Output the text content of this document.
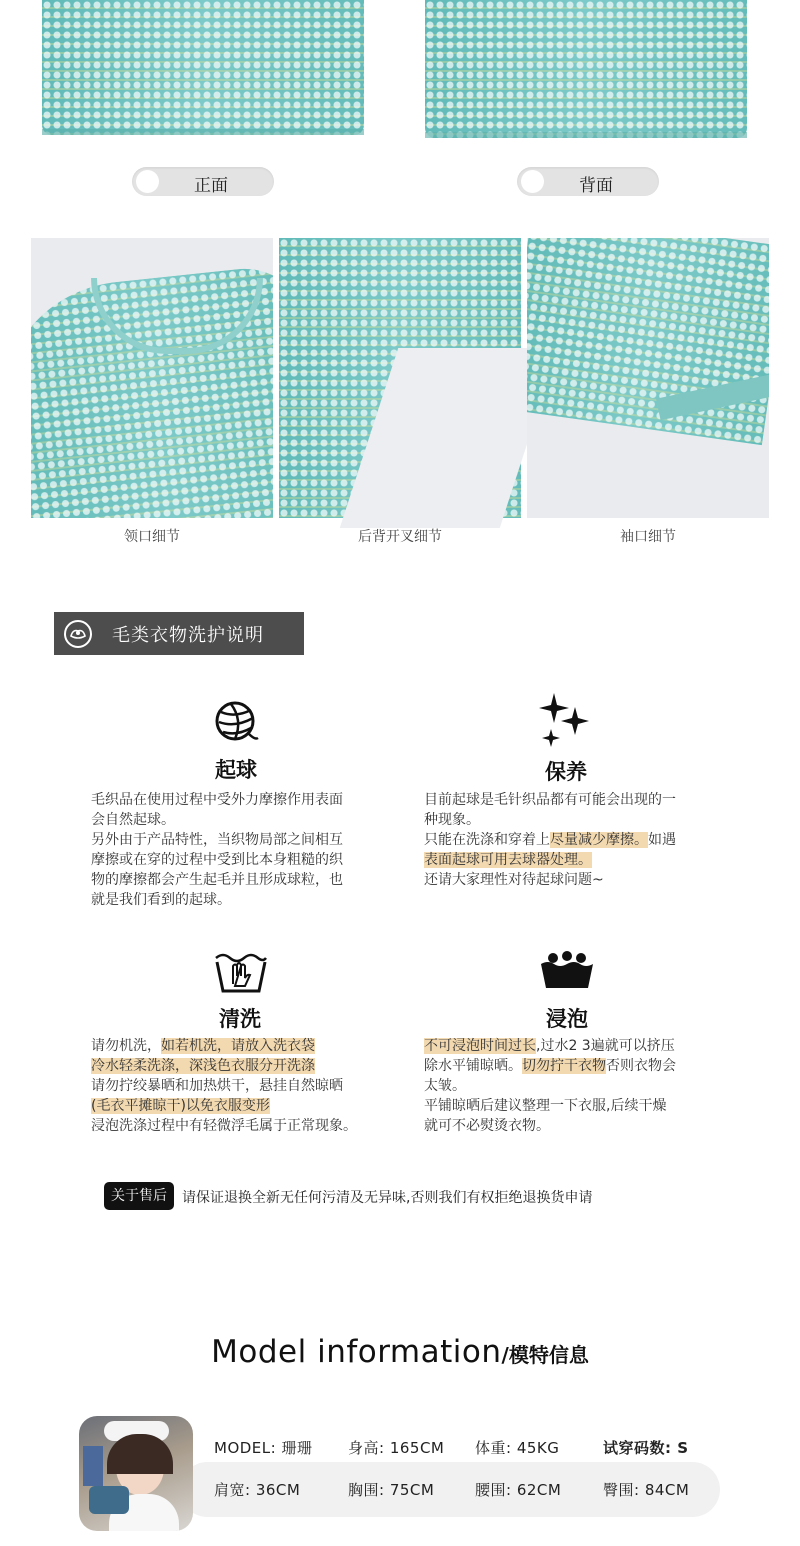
正面	背面
领口细节	后背开叉细节	袖口细节
毛类衣物洗护说明
起球
毛织品在使用过程中受外力摩擦作用表面
会自然起球。
另外由于产品特性，当织物局部之间相互
摩擦或在穿的过程中受到比本身粗糙的织
物的摩擦都会产生起毛并且形成球粒，也
就是我们看到的起球。
保养
目前起球是毛针织品都有可能会出现的一
种现象。
只能在洗涤和穿着上尽量减少摩擦。如遇
表面起球可用去球器处理。
还请大家理性对待起球问题~
清洗
请勿机洗，如若机洗，请放入洗衣袋
冷水轻柔洗涤，深浅色衣服分开洗涤
请勿拧绞暴晒和加热烘干，悬挂自然晾晒
(毛衣平摊晾干)以免衣服变形
浸泡洗涤过程中有轻微浮毛属于正常现象。
浸泡
不可浸泡时间过长,过水2 3遍就可以挤压
除水平铺晾晒。切勿拧干衣物否则衣物会
太皱。
平铺晾晒后建议整理一下衣服,后续干燥
就可不必熨烫衣物。
关于售后	请保证退换全新无任何污清及无异味,否则我们有权拒绝退换货申请
Model information/模特信息
MODEL: 珊珊 身高: 165CM 体重: 45KG	试穿码数: S
肩宽: 36CM	胸围: 75CM	腰围: 62CM	臀围: 84CM
